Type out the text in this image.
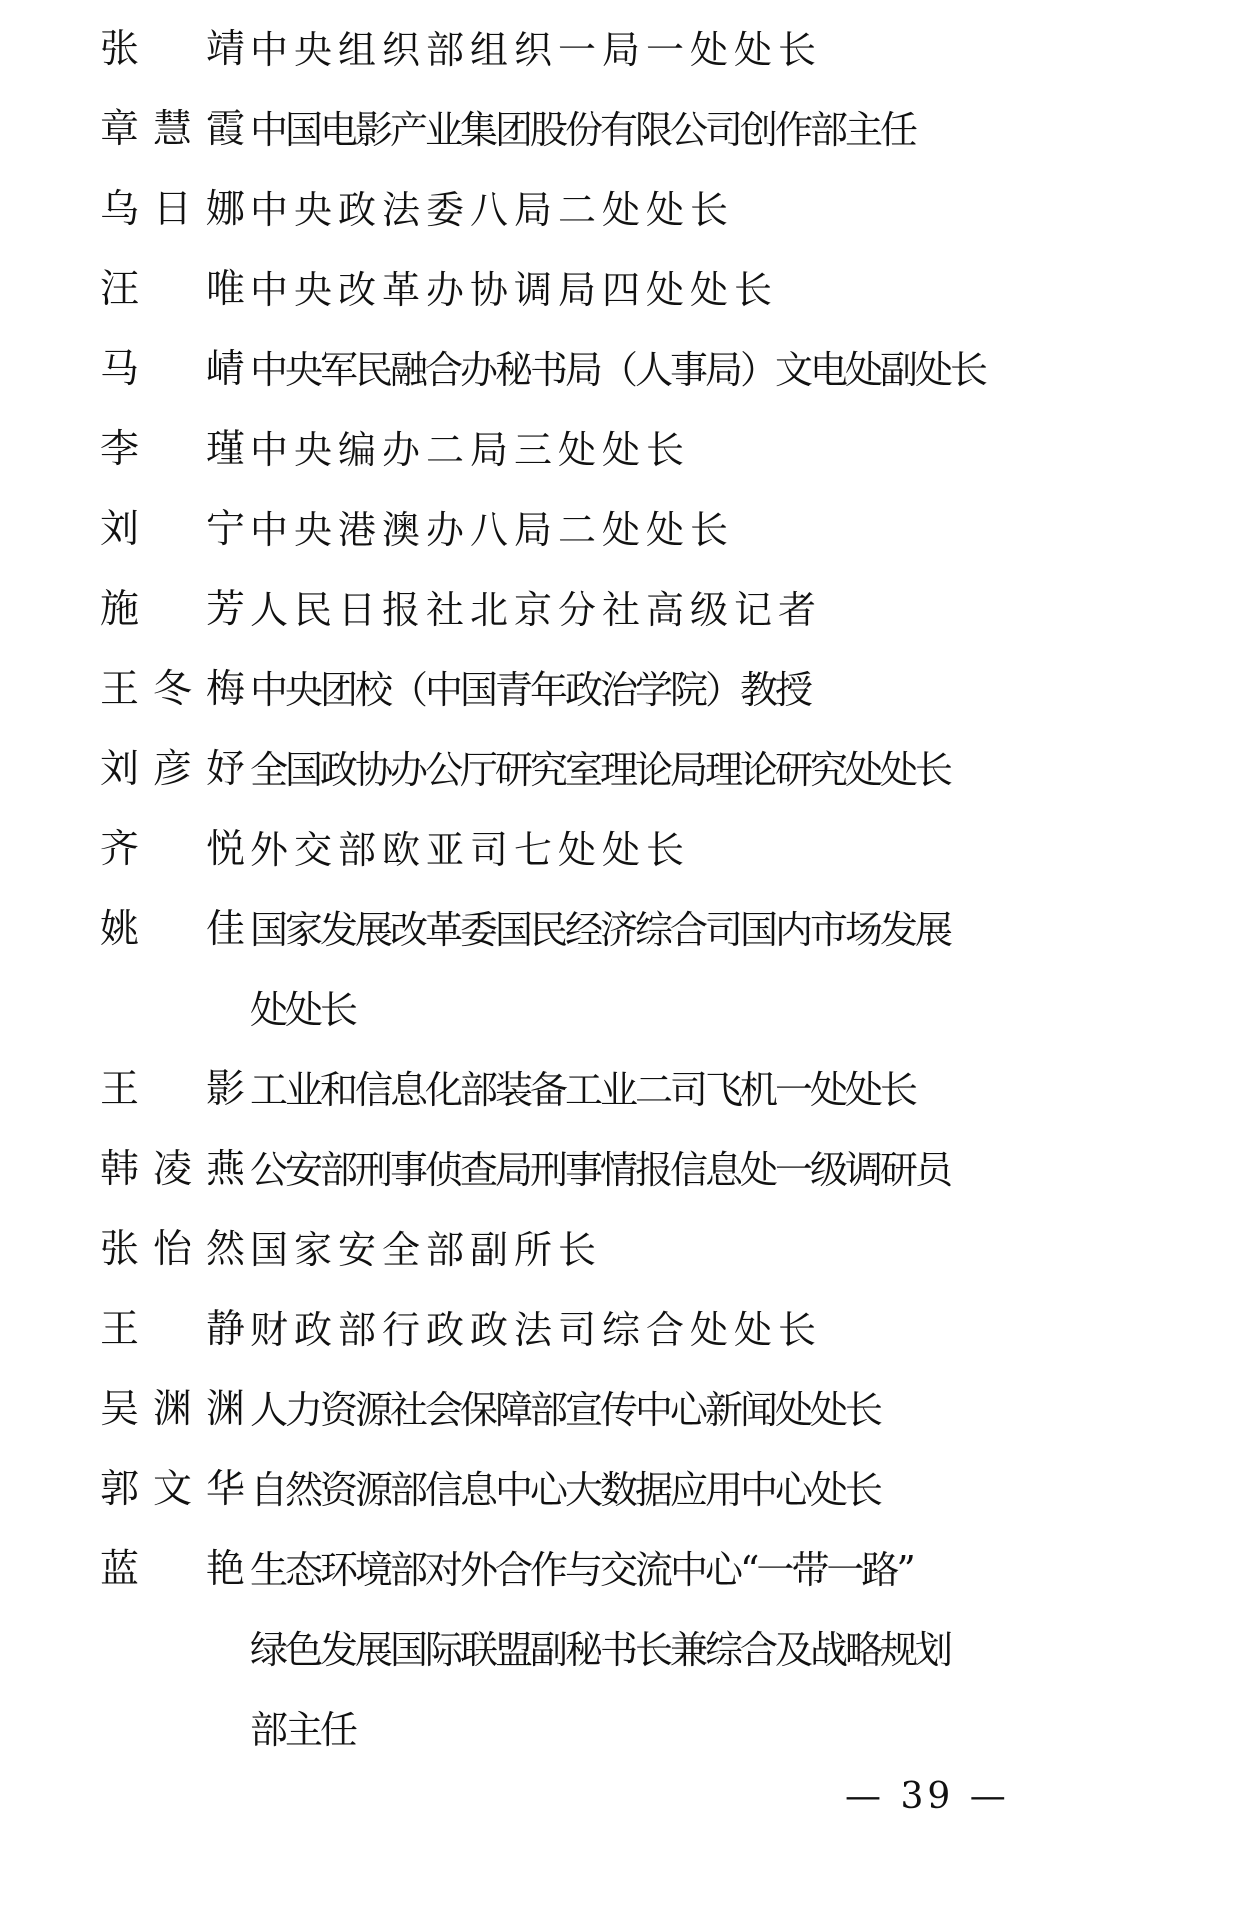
张 靖 中央组织部组织一局一处处长
章 慧 霞 中国电影产业集团股份有限公司创作部主任
乌 日 娜 中央政法委八局二处处长
汪 唯 中央改革办协调局四处处长
马 崝 中央军民融合办秘书局（人事局）文电处副处长
李 瑾 中央编办二局三处处长
刘 宁 中央港澳办八局二处处长
施 芳 人民日报社北京分社高级记者
王 冬 梅 中央团校（中国青年政治学院）教授
刘 彦 妤 全国政协办公厅研究室理论局理论研究处处长
齐 悦 外交部欧亚司七处处长
姚 佳 国家发展改革委国民经济综合司国内市场发展
处处长
王 影 工业和信息化部装备工业二司飞机一处处长
韩 凌 燕 公安部刑事侦查局刑事情报信息处一级调研员
张 怡 然 国家安全部副所长
王 静 财政部行政政法司综合处处长
吴 渊 渊 人力资源社会保障部宣传中心新闻处处长
郭 文 华 自然资源部信息中心大数据应用中心处长
蓝 艳 生态环境部对外合作与交流中心“一带一路”
绿色发展国际联盟副秘书长兼综合及战略规划
部主任
— 39 —
